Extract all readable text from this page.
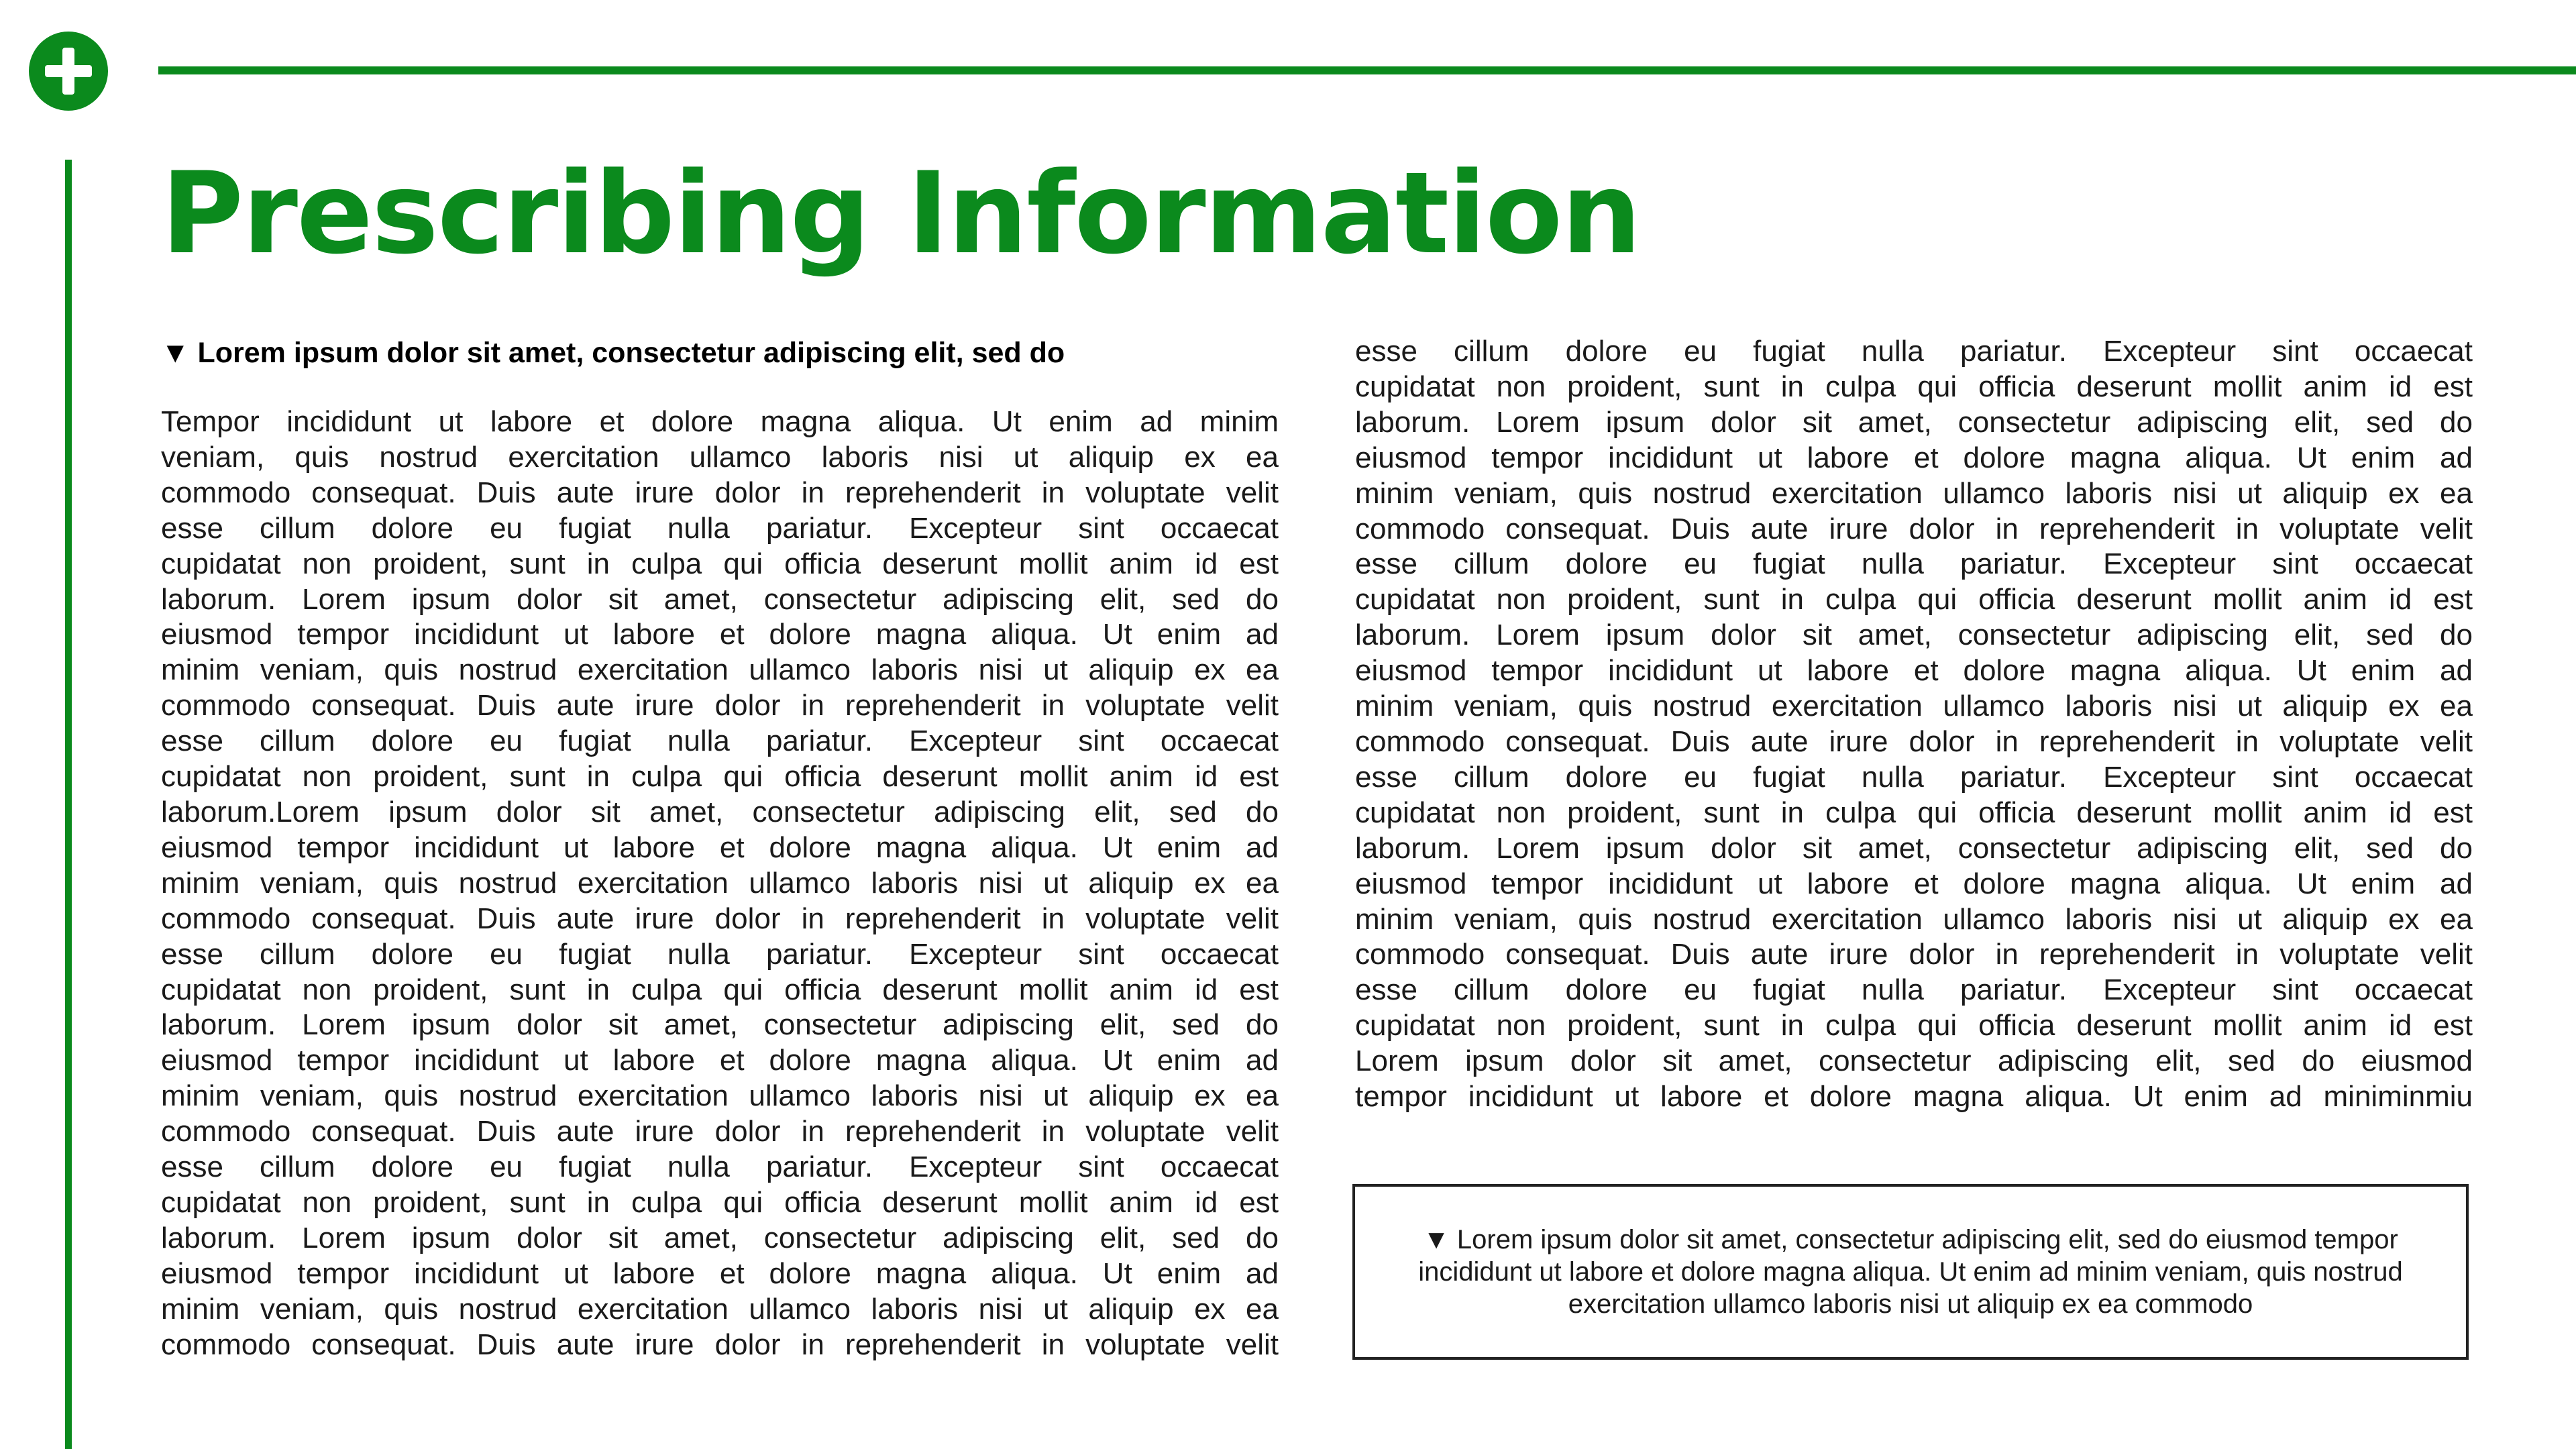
Prescribing Information
▼ Lorem ipsum dolor sit amet, consectetur adipiscing elit, sed do

Tempor incididunt ut labore et dolore magna aliqua. Ut enim ad minim
veniam, quis nostrud exercitation ullamco laboris nisi ut aliquip ex ea
commodo consequat. Duis aute irure dolor in reprehenderit in voluptate velit
esse cillum dolore eu fugiat nulla pariatur. Excepteur sint occaecat
cupidatat non proident, sunt in culpa qui officia deserunt mollit anim id est
laborum. Lorem ipsum dolor sit amet, consectetur adipiscing elit, sed do
eiusmod tempor incididunt ut labore et dolore magna aliqua. Ut enim ad
minim veniam, quis nostrud exercitation ullamco laboris nisi ut aliquip ex ea
commodo consequat. Duis aute irure dolor in reprehenderit in voluptate velit
esse cillum dolore eu fugiat nulla pariatur. Excepteur sint occaecat
cupidatat non proident, sunt in culpa qui officia deserunt mollit anim id est
laborum.Lorem ipsum dolor sit amet, consectetur adipiscing elit, sed do
eiusmod tempor incididunt ut labore et dolore magna aliqua. Ut enim ad
minim veniam, quis nostrud exercitation ullamco laboris nisi ut aliquip ex ea
commodo consequat. Duis aute irure dolor in reprehenderit in voluptate velit
esse cillum dolore eu fugiat nulla pariatur. Excepteur sint occaecat
cupidatat non proident, sunt in culpa qui officia deserunt mollit anim id est
laborum. Lorem ipsum dolor sit amet, consectetur adipiscing elit, sed do
eiusmod tempor incididunt ut labore et dolore magna aliqua. Ut enim ad
minim veniam, quis nostrud exercitation ullamco laboris nisi ut aliquip ex ea
commodo consequat. Duis aute irure dolor in reprehenderit in voluptate velit
esse cillum dolore eu fugiat nulla pariatur. Excepteur sint occaecat
cupidatat non proident, sunt in culpa qui officia deserunt mollit anim id est
laborum. Lorem ipsum dolor sit amet, consectetur adipiscing elit, sed do
eiusmod tempor incididunt ut labore et dolore magna aliqua. Ut enim ad
minim veniam, quis nostrud exercitation ullamco laboris nisi ut aliquip ex ea
commodo consequat. Duis aute irure dolor in reprehenderit in voluptate velit

esse cillum dolore eu fugiat nulla pariatur. Excepteur sint occaecat
cupidatat non proident, sunt in culpa qui officia deserunt mollit anim id est
laborum. Lorem ipsum dolor sit amet, consectetur adipiscing elit, sed do
eiusmod tempor incididunt ut labore et dolore magna aliqua. Ut enim ad
minim veniam, quis nostrud exercitation ullamco laboris nisi ut aliquip ex ea
commodo consequat. Duis aute irure dolor in reprehenderit in voluptate velit
esse cillum dolore eu fugiat nulla pariatur. Excepteur sint occaecat
cupidatat non proident, sunt in culpa qui officia deserunt mollit anim id est
laborum. Lorem ipsum dolor sit amet, consectetur adipiscing elit, sed do
eiusmod tempor incididunt ut labore et dolore magna aliqua. Ut enim ad
minim veniam, quis nostrud exercitation ullamco laboris nisi ut aliquip ex ea
commodo consequat. Duis aute irure dolor in reprehenderit in voluptate velit
esse cillum dolore eu fugiat nulla pariatur. Excepteur sint occaecat
cupidatat non proident, sunt in culpa qui officia deserunt mollit anim id est
laborum. Lorem ipsum dolor sit amet, consectetur adipiscing elit, sed do
eiusmod tempor incididunt ut labore et dolore magna aliqua. Ut enim ad
minim veniam, quis nostrud exercitation ullamco laboris nisi ut aliquip ex ea
commodo consequat. Duis aute irure dolor in reprehenderit in voluptate velit
esse cillum dolore eu fugiat nulla pariatur. Excepteur sint occaecat
cupidatat non proident, sunt in culpa qui officia deserunt mollit anim id est
Lorem ipsum dolor sit amet, consectetur adipiscing elit, sed do eiusmod
tempor incididunt ut labore et dolore magna aliqua. Ut enim ad miniminmiu

▼ Lorem ipsum dolor sit amet, consectetur adipiscing elit, sed do eiusmod tempor incididunt ut labore et dolore magna aliqua. Ut enim ad minim veniam, quis nostrud exercitation ullamco laboris nisi ut aliquip ex ea commodo
